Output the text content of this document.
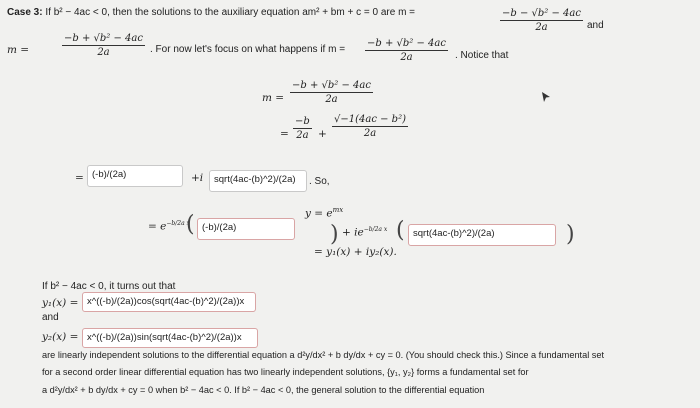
Case 3: If b² − 4ac < 0, then the solutions to the auxiliary equation am² + bm + c = 0 are m =	$\frac{\text{−b − √b² − 4ac}}{2a}$ and
m =	$\frac{\text{−b + √b² − 4ac}}{2a}$ . For now let's focus on what happens if $m = \frac{\text{−b + √b² − 4ac}}{2a}$ . Notice that
$m = \frac{\text{−b + √b² − 4ac}}{2a}$
= $\frac{-b}{2a} + \frac{\text{√−1(4ac − b²)}}{2a}$
= (-b)/(2a)	+i	sqrt(4ac-(b)^2)/(2a)	. So,
$y = e^{mx}$
= $e^{-b/2a x}$
( (-b)/(2a)	) + $ie^{-b/2a x}$ ( sqrt(4ac-(b)^2)/(2a)	)
= y₁(x) + iy₂(x).
If b² − 4ac < 0, it turns out that
y₁(x) = x^((-b)/(2a))cos(sqrt(4ac-(b)^2)/(2a))x
and
y₂(x) = x^((-b)/(2a))sin(sqrt(4ac-(b)^2)/(2a))x
are linearly independent solutions to the differential equation a d²y/dx² + b dy/dx + cy = 0. (You should check this.) Since a fundamental set
for a second order linear differential equation has two linearly independent solutions, {y₁, y₂} forms a fundamental set for
a d²y/dx² + b dy/dx + cy = 0 when b² − 4ac < 0. If b² − 4ac < 0, the general solution to the differential equation
